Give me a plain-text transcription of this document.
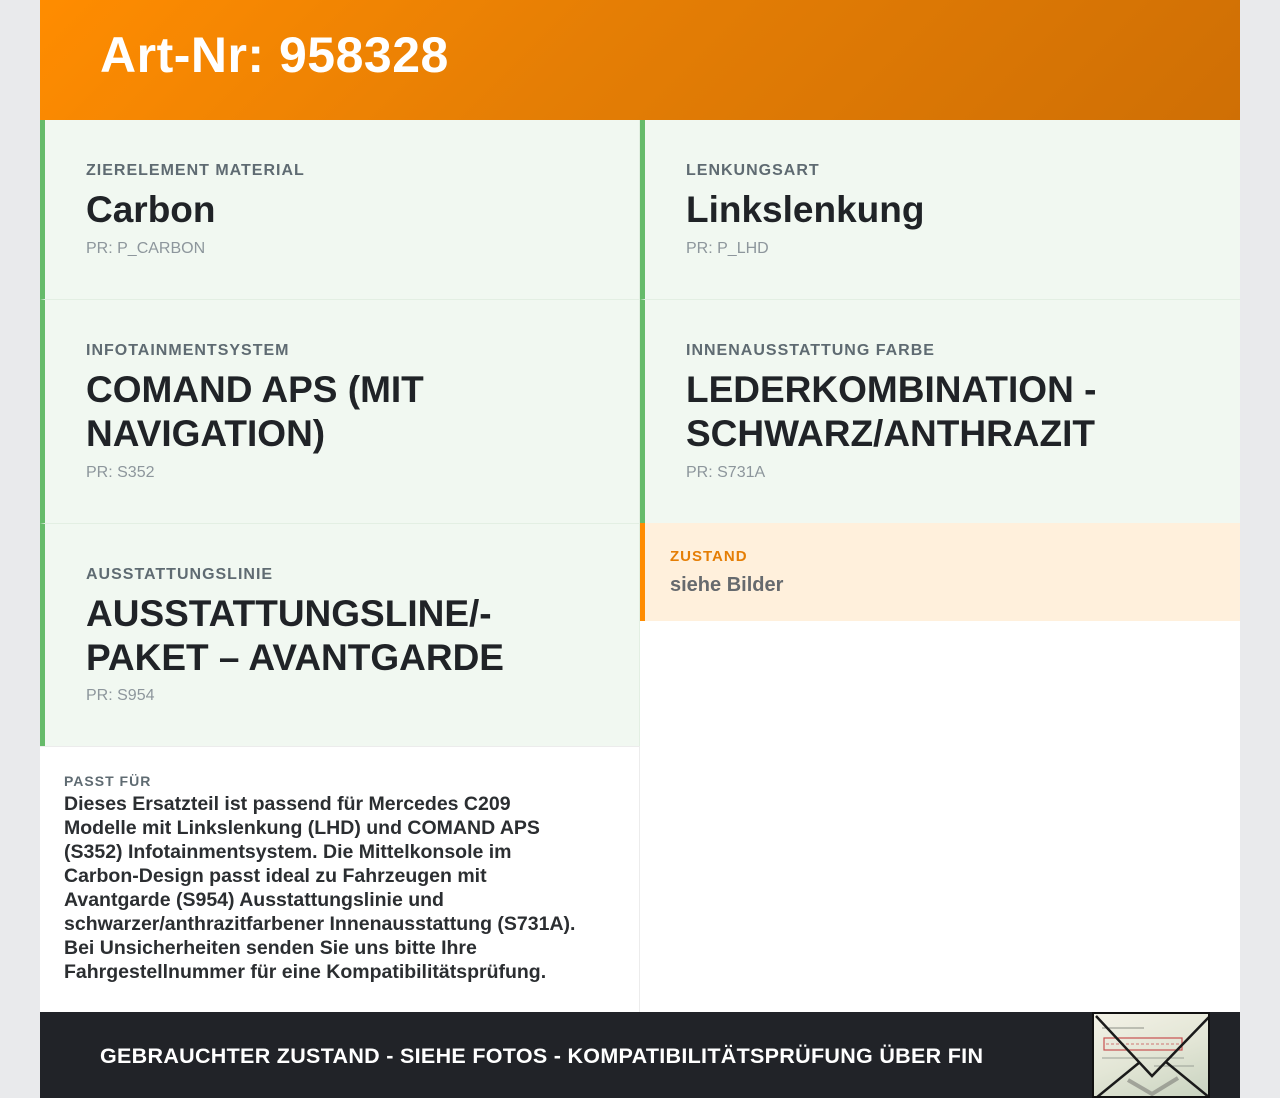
Art-Nr: 958328
ZIERELEMENT MATERIAL
Carbon
PR: P_CARBON
LENKUNGSART
Linkslenkung
PR: P_LHD
INFOTAINMENTSYSTEM
COMAND APS (MIT
NAVIGATION)
PR: S352
INNENAUSSTATTUNG FARBE
LEDERKOMBINATION -
SCHWARZ/ANTHRAZIT
PR: S731A
ZUSTAND
siehe Bilder
AUSSTATTUNGSLINIE
AUSSTATTUNGSLINE/-
PAKET – AVANTGARDE
PR: S954
PASST FÜR
Dieses Ersatzteil ist passend für Mercedes C209
Modelle mit Linkslenkung (LHD) und COMAND APS
(S352) Infotainmentsystem. Die Mittelkonsole im
Carbon-Design passt ideal zu Fahrzeugen mit
Avantgarde (S954) Ausstattungslinie und
schwarzer/anthrazitfarbener Innenausstattung (S731A).
Bei Unsicherheiten senden Sie uns bitte Ihre
Fahrgestellnummer für eine Kompatibilitätsprüfung.
GEBRAUCHTER ZUSTAND - SIEHE FOTOS - KOMPATIBILITÄTSPRÜFUNG ÜBER FIN
